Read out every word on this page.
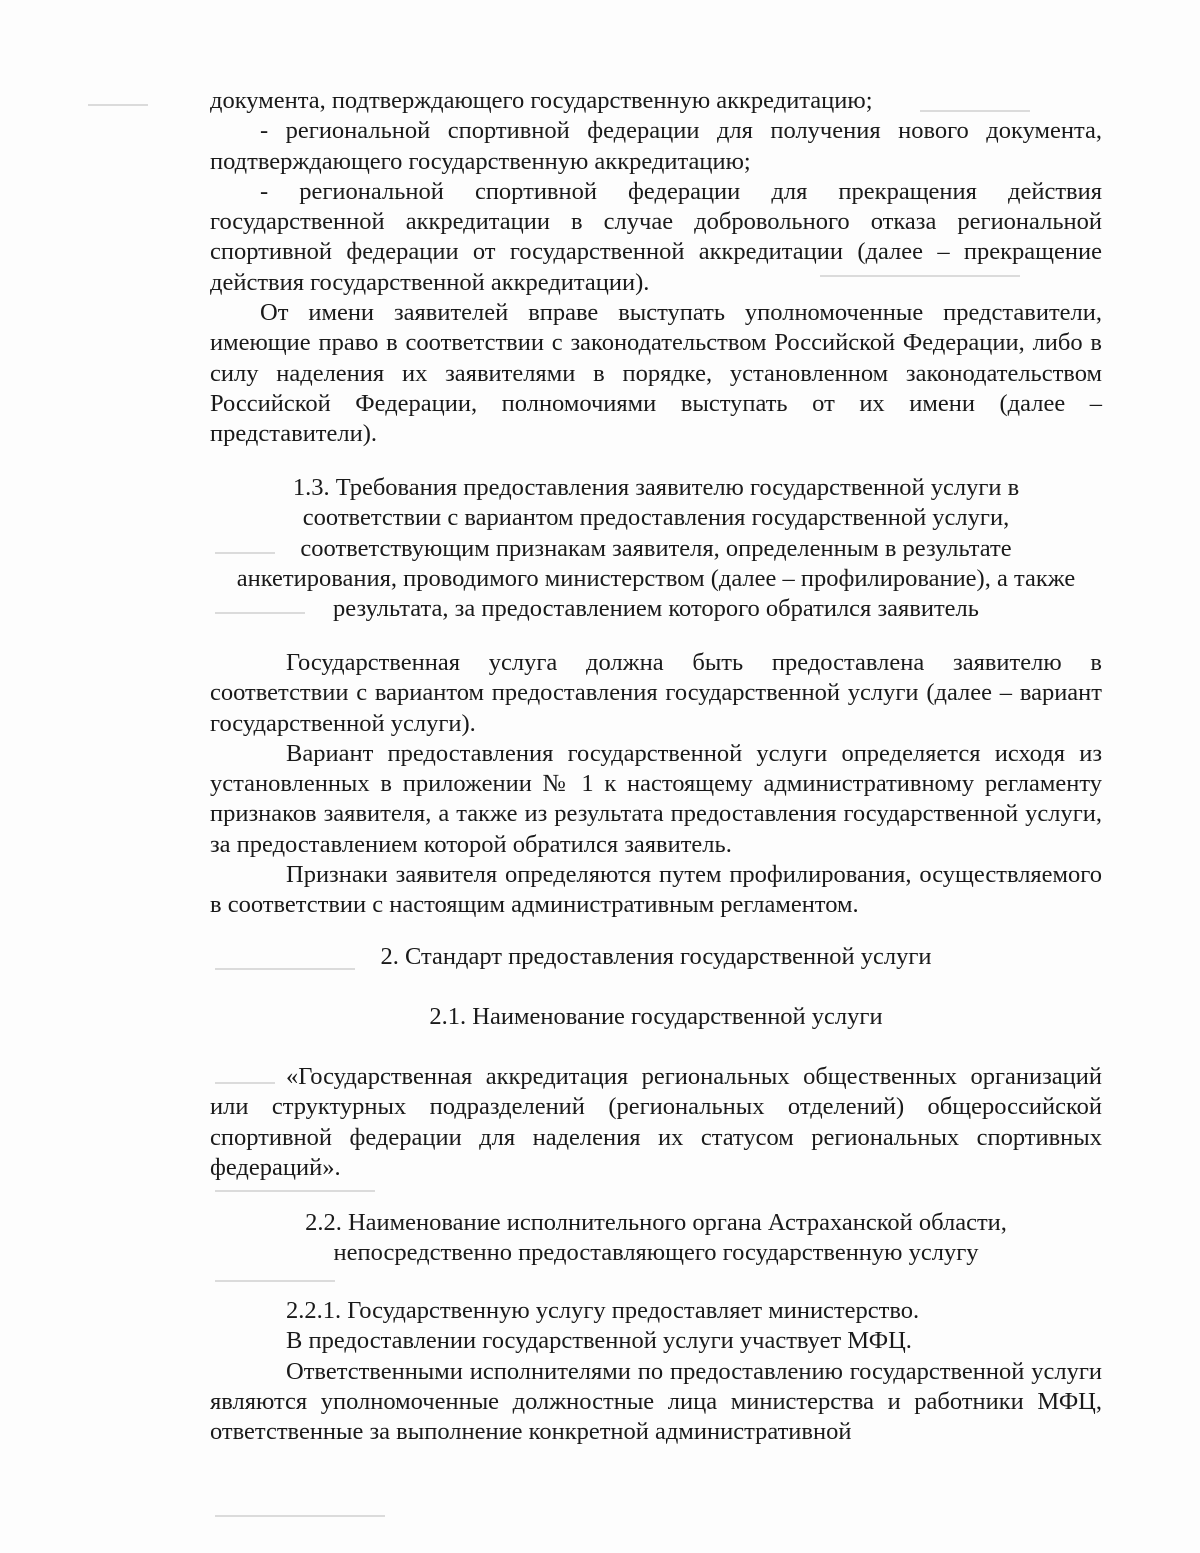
документа, подтверждающего государственную аккредитацию;

- региональной спортивной федерации для получения нового документа, подтверждающего государственную аккредитацию;

- региональной спортивной федерации для прекращения действия государственной аккредитации в случае добровольного отказа региональной спортивной федерации от государственной аккредитации (далее – прекращение действия государственной аккредитации).

От имени заявителей вправе выступать уполномоченные представители, имеющие право в соответствии с законодательством Российской Федерации, либо в силу наделения их заявителями в порядке, установленном законодательством Российской Федерации, полномочиями выступать от их имени (далее – представители).

1.3. Требования предоставления заявителю государственной услуги в
соответствии с вариантом предоставления государственной услуги,
соответствующим признакам заявителя, определенным в результате
анкетирования, проводимого министерством (далее – профилирование), а также
результата, за предоставлением которого обратился заявитель

Государственная услуга должна быть предоставлена заявителю в соответствии с вариантом предоставления государственной услуги (далее – вариант государственной услуги).

Вариант предоставления государственной услуги определяется исходя из установленных в приложении № 1 к настоящему административному регламенту признаков заявителя, а также из результата предоставления государственной услуги, за предоставлением которой обратился заявитель.

Признаки заявителя определяются путем профилирования, осуществляемого в соответствии с настоящим административным регламентом.

2. Стандарт предоставления государственной услуги
2.1. Наименование государственной услуги

«Государственная аккредитация региональных общественных организаций или структурных подразделений (региональных отделений) общероссийской спортивной федерации для наделения их статусом региональных спортивных федераций».

2.2. Наименование исполнительного органа Астраханской области,
непосредственно предоставляющего государственную услугу

2.2.1. Государственную услугу предоставляет министерство.

В предоставлении государственной услуги участвует МФЦ.

Ответственными исполнителями по предоставлению государственной услуги являются уполномоченные должностные лица министерства и работники МФЦ, ответственные за выполнение конкретной административной
